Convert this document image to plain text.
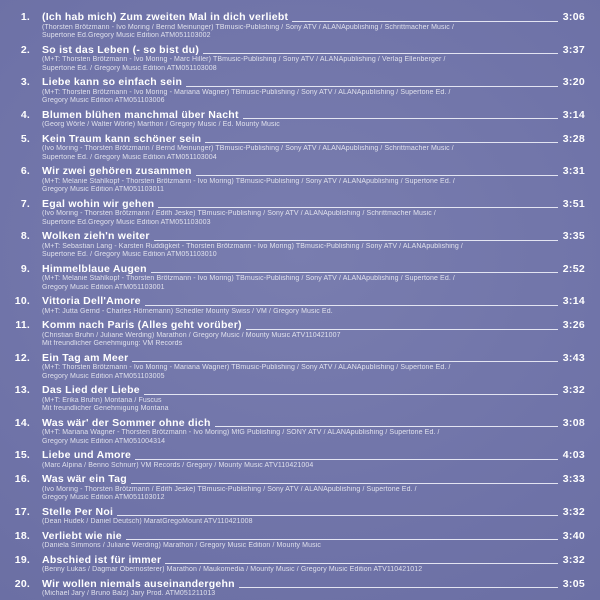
1. (Ich hab mich) Zum zweiten Mal in dich verliebt	3:06
(Thorsten Brötzmann - Ivo Moring / Bernd Meinunger) TBmusic-Publishing / Sony ATV / ALANApublishing / Schrittmacher Music /
Supertone Ed.Gregory Music Edition ATM051103002
2. So ist das Leben (- so bist du)	3:37
(M+T: Thorsten Brötzmann - Ivo Moring - Marc Hiller) TBmusic-Publishing / Sony ATV / ALANApublishing / Verlag Ellenberger /
Supertone Ed. / Gregory Music Edition ATM051103008
3. Liebe kann so einfach sein	3:20
(M+T: Thorsten Brötzmann - Ivo Moring - Mariana Wagner) TBmusic-Publishing / Sony ATV / ALANApublishing / Supertone Ed. /
Gregory Music Edition ATM051103006
4. Blumen blühen manchmal über Nacht	3:14
(Georg Wörle / Walter Wörle) Marthon / Gregory Music / Ed. Mounty Music
5. Kein Traum kann schöner sein	3:28
(Ivo Moring - Thorsten Brötzmann / Bernd Meinunger) TBmusic-Publishing / Sony ATV / ALANApublishing / Schrittmacher Music /
Supertone Ed. / Gregory Music Edition ATM051103004
6. Wir zwei gehören zusammen	3:31
(M+T: Melanie Stahlkopf - Thorsten Brötzmann - Ivo Moring) TBmusic-Publishing / Sony ATV / ALANApublishing / Supertone Ed. /
Gregory Music Edition ATM051103011
7. Egal wohin wir gehen	3:51
(Ivo Moring - Thorsten Brötzmann / Edith Jeske) TBmusic-Publishing / Sony ATV / ALANApublishing / Schrittmacher Music /
Supertone Ed.Gregory Music Edition ATM051103003
8. Wolken zieh'n weiter	3:35
(M+T: Sebastian Lang - Karsten Ruddigkeit - Thorsten Brötzmann - Ivo Moring) TBmusic-Publishing / Sony ATV / ALANApublishing /
Supertone Ed. / Gregory Music Edition ATM051103010
9. Himmelblaue Augen	2:52
(M+T: Melanie Stahlkopf - Thorsten Brötzmann - Ivo Moring) TBmusic-Publishing / Sony ATV / ALANApublishing / Supertone Ed. /
Gregory Music Edition ATM051103001
10. Vittoria Dell'Amore	3:14
(M+T: Jutta Gernd - Charles Hörnemann) Schedler Mounty Swiss / VM / Gregory Music Ed.
11. Komm nach Paris (Alles geht vorüber)	3:26
(Christian Bruhn / Juliane Werding) Marathon / Gregory Music / Mounty Music ATV110421007
Mit freundlicher Genehmigung: VM Records
12. Ein Tag am Meer	3:43
(M+T: Thorsten Brötzmann - Ivo Moring - Mariana Wagner) TBmusic-Publishing / Sony ATV / ALANApublishing / Supertone Ed. /
Gregory Music Edition ATM051103005
13. Das Lied der Liebe	3:32
(M+T: Erika Bruhn) Montana / Fuscus
Mit freundlicher Genehmigung Montana
14. Was wär' der Sommer ohne dich	3:08
(M+T: Mariana Wagner - Thorsten Brötzmann - Ivo Moring) MfG Publishing / SONY ATV / ALANApublishing / Supertone Ed. /
Gregory Music Edition ATM051004314
15. Liebe und Amore	4:03
(Marc Alpina / Benno Schnurr) VM Records / Gregory / Mounty Music ATV110421004
16. Was wär ein Tag	3:33
(Ivo Moring - Thorsten Brötzmann / Edith Jeske) TBmusic-Publishing / Sony ATV / ALANApublishing / Supertone Ed. /
Gregory Music Edition ATM051103012
17. Stelle Per Noi	3:32
(Dean Hudek / Daniel Deutsch) MaratGregoMount ATV110421008
18. Verliebt wie nie	3:40
(Daniela Simmons / Juliane Werding) Marathon / Gregory Music Edition / Mounty Music
19. Abschied ist für immer	3:32
(Benny Lukas / Dagmar Obernosterer) Marathon / Maukomedia / Mounty Music / Gregory Music Edition ATV110421012
20. Wir wollen niemals auseinandergehn	3:05
(Michael Jary / Bruno Balz) Jary Prod. ATM051211013
